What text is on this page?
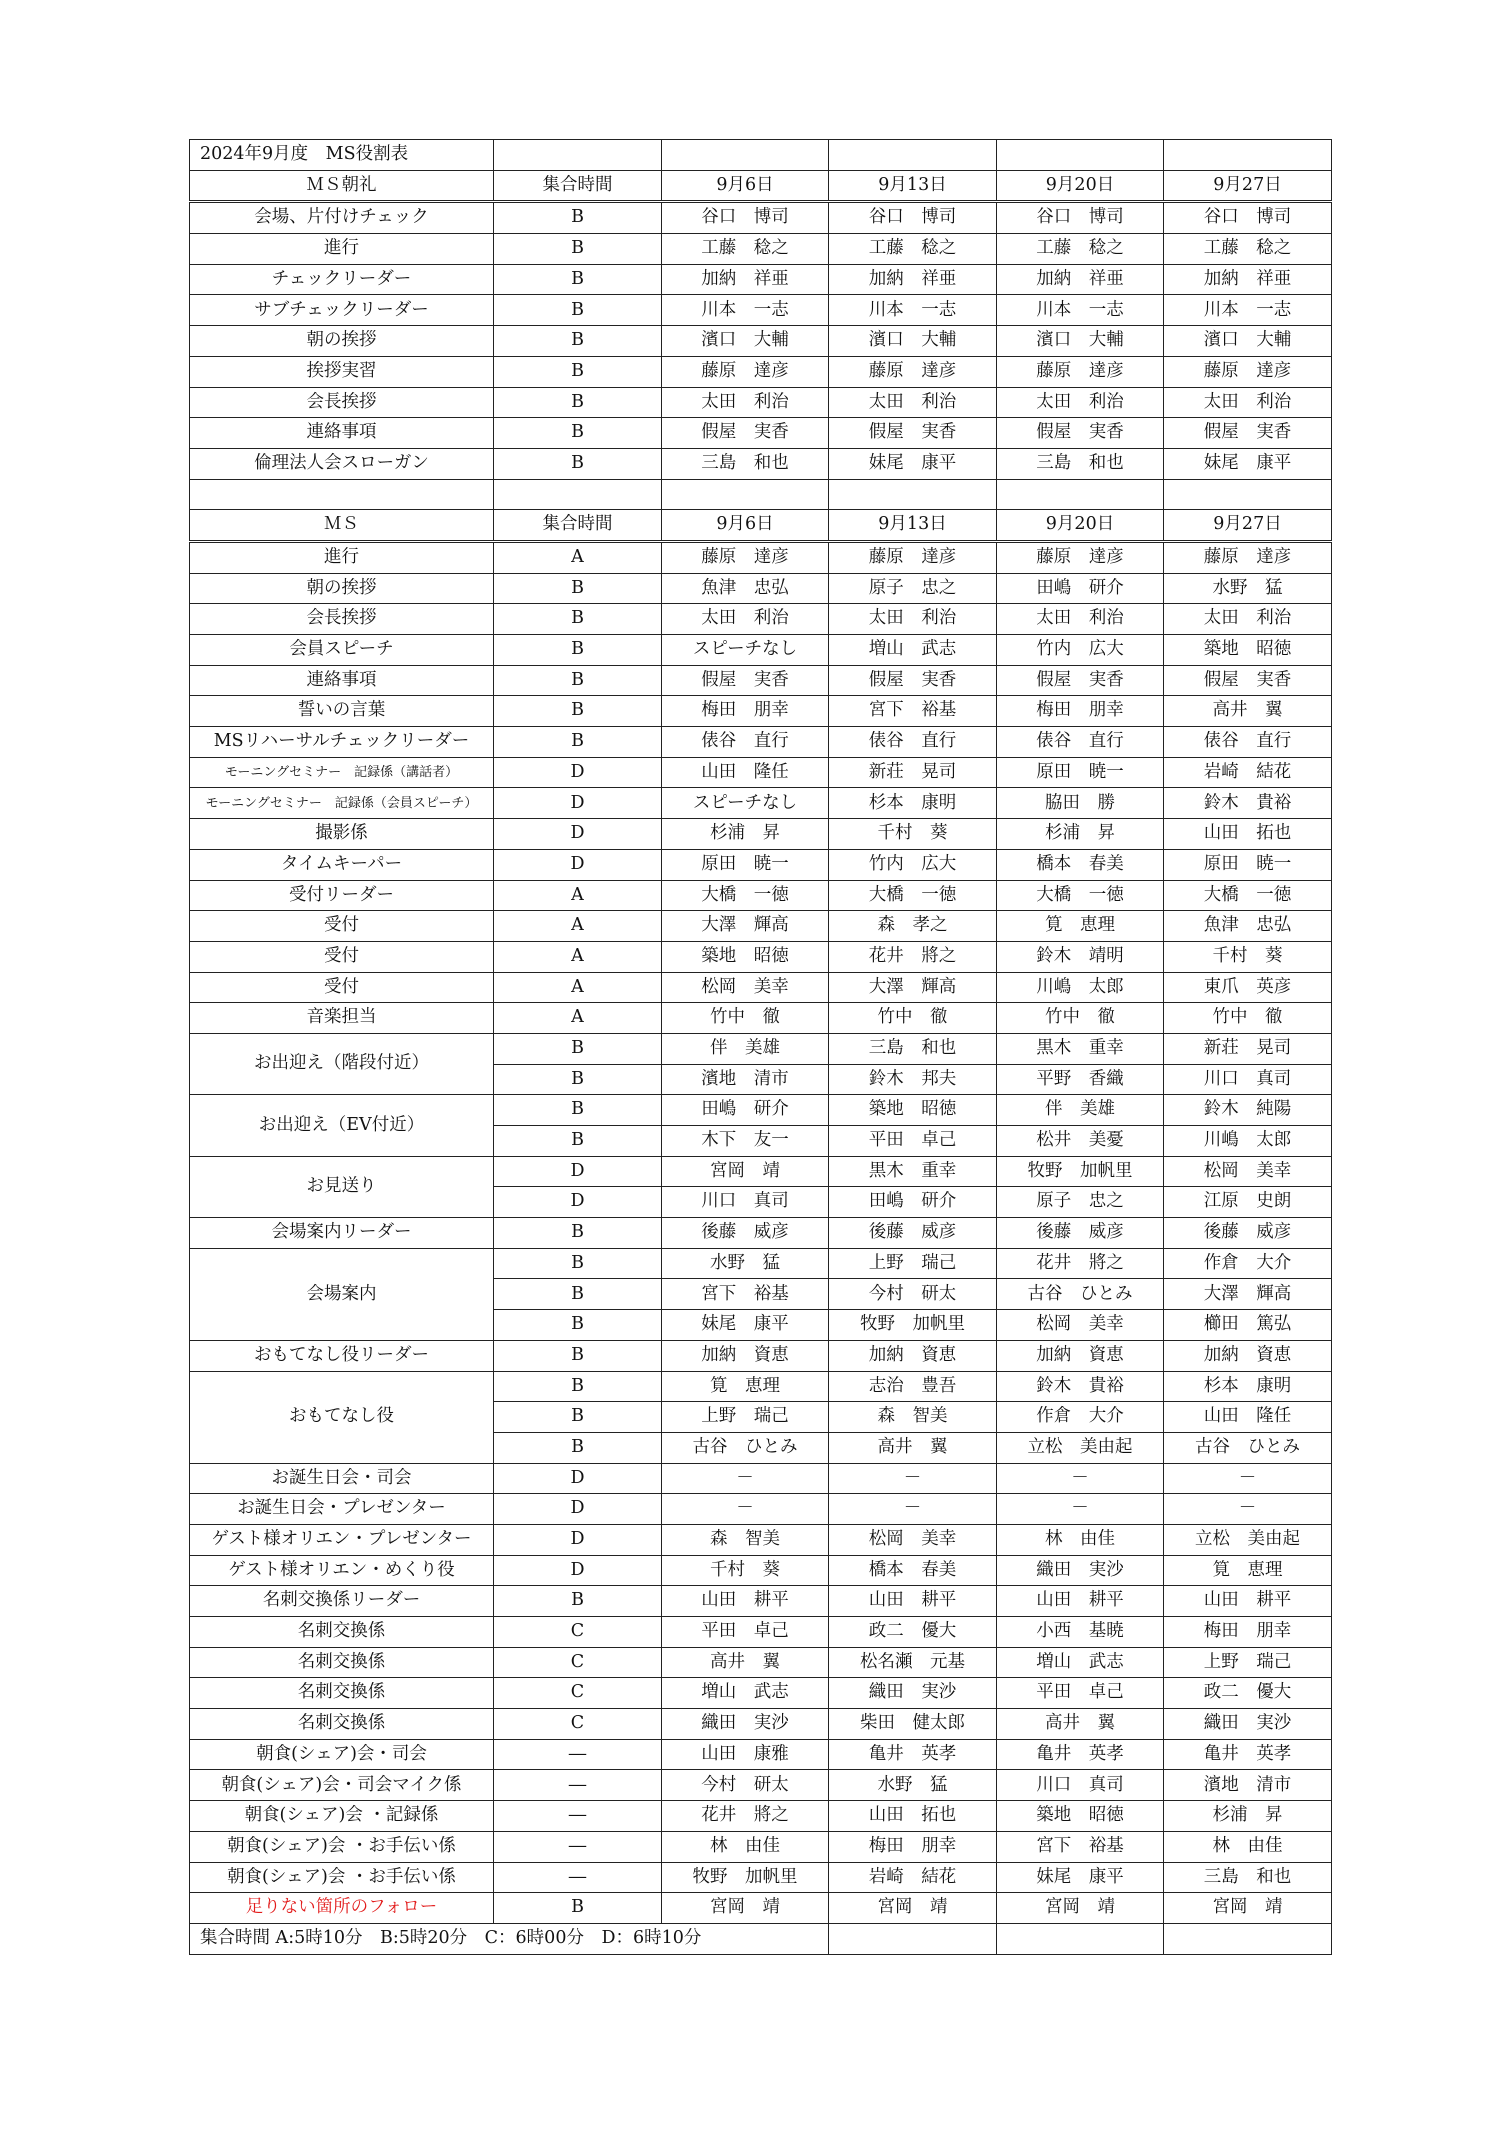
2024年9月度　MS役割表					
ＭＳ朝礼	集合時間	9月6日	9月13日	9月20日	9月27日
会場、片付けチェック	B	谷口　博司	谷口　博司	谷口　博司	谷口　博司
進行	B	工藤　稔之	工藤　稔之	工藤　稔之	工藤　稔之
チェックリーダー	B	加納　祥亜	加納　祥亜	加納　祥亜	加納　祥亜
サブチェックリーダー	B	川本　一志	川本　一志	川本　一志	川本　一志
朝の挨拶	B	濱口　大輔	濱口　大輔	濱口　大輔	濱口　大輔
挨拶実習	B	藤原　達彦	藤原　達彦	藤原　達彦	藤原　達彦
会長挨拶	B	太田　利治	太田　利治	太田　利治	太田　利治
連絡事項	B	假屋　実香	假屋　実香	假屋　実香	假屋　実香
倫理法人会スローガン	B	三島　和也	妹尾　康平	三島　和也	妹尾　康平

ＭＳ	集合時間	9月6日	9月13日	9月20日	9月27日
進行	A	藤原　達彦	藤原　達彦	藤原　達彦	藤原　達彦
朝の挨拶	B	魚津　忠弘	原子　忠之	田嶋　研介	水野　猛
会長挨拶	B	太田　利治	太田　利治	太田　利治	太田　利治
会員スピーチ	B	スピーチなし	増山　武志	竹内　広大	築地　昭徳
連絡事項	B	假屋　実香	假屋　実香	假屋　実香	假屋　実香
誓いの言葉	B	梅田　朋幸	宮下　裕基	梅田　朋幸	高井　翼
MSリハーサルチェックリーダー	B	俵谷　直行	俵谷　直行	俵谷　直行	俵谷　直行
モーニングセミナー　記録係（講話者）	D	山田　隆任	新荘　晃司	原田　暁一	岩崎　結花
モーニングセミナー　記録係（会員スピーチ）	D	スピーチなし	杉本　康明	脇田　勝	鈴木　貴裕
撮影係	D	杉浦　昇	千村　葵	杉浦　昇	山田　拓也
タイムキーパー	D	原田　暁一	竹内　広大	橋本　春美	原田　暁一
受付リーダー	A	大橋　一徳	大橋　一徳	大橋　一徳	大橋　一徳
受付	A	大澤　輝高	森　孝之	筧　恵理	魚津　忠弘
受付	A	築地　昭徳	花井　將之	鈴木　靖明	千村　葵
受付	A	松岡　美幸	大澤　輝高	川嶋　太郎	東爪　英彦
音楽担当	A	竹中　徹	竹中　徹	竹中　徹	竹中　徹
お出迎え（階段付近）	B	伴　美雄	三島　和也	黒木　重幸	新荘　晃司
	B	濱地　清市	鈴木　邦夫	平野　香織	川口　真司
お出迎え（EV付近）	B	田嶋　研介	築地　昭徳	伴　美雄	鈴木　純陽
	B	木下　友一	平田　卓己	松井　美憂	川嶋　太郎
お見送り	D	宮岡　靖	黒木　重幸	牧野　加帆里	松岡　美幸
	D	川口　真司	田嶋　研介	原子　忠之	江原　史朗
会場案内リーダー	B	後藤　威彦	後藤　威彦	後藤　威彦	後藤　威彦
会場案内	B	水野　猛	上野　瑞己	花井　將之	作倉　大介
	B	宮下　裕基	今村　研太	古谷　ひとみ	大澤　輝高
	B	妹尾　康平	牧野　加帆里	松岡　美幸	櫛田　篤弘
おもてなし役リーダー	B	加納　資恵	加納　資恵	加納　資恵	加納　資恵
おもてなし役	B	筧　恵理	志治　豊吾	鈴木　貴裕	杉本　康明
	B	上野　瑞己	森　智美	作倉　大介	山田　隆任
	B	古谷　ひとみ	高井　翼	立松　美由起	古谷　ひとみ
お誕生日会・司会	D	－	－	－	－
お誕生日会・プレゼンター	D	－	－	－	－
ゲスト様オリエン・プレゼンター	D	森　智美	松岡　美幸	林　由佳	立松　美由起
ゲスト様オリエン・めくり役	D	千村　葵	橋本　春美	織田　実沙	筧　恵理
名刺交換係リーダー	B	山田　耕平	山田　耕平	山田　耕平	山田　耕平
名刺交換係	C	平田　卓己	政二　優大	小西　基暁	梅田　朋幸
名刺交換係	C	高井　翼	松名瀬　元基	増山　武志	上野　瑞己
名刺交換係	C	増山　武志	織田　実沙	平田　卓己	政二　優大
名刺交換係	C	織田　実沙	柴田　健太郎	高井　翼	織田　実沙
朝食(シェア)会・司会	―	山田　康雅	亀井　英孝	亀井　英孝	亀井　英孝
朝食(シェア)会・司会マイク係	―	今村　研太	水野　猛	川口　真司	濱地　清市
朝食(シェア)会 ・記録係	―	花井　將之	山田　拓也	築地　昭徳	杉浦　昇
朝食(シェア)会 ・お手伝い係	―	林　由佳	梅田　朋幸	宮下　裕基	林　由佳
朝食(シェア)会 ・お手伝い係	―	牧野　加帆里	岩崎　結花	妹尾　康平	三島　和也
足りない箇所のフォロー	B	宮岡　靖	宮岡　靖	宮岡　靖	宮岡　靖
集合時間 A:5時10分　B:5時20分　C：6時00分　D：6時10分					
